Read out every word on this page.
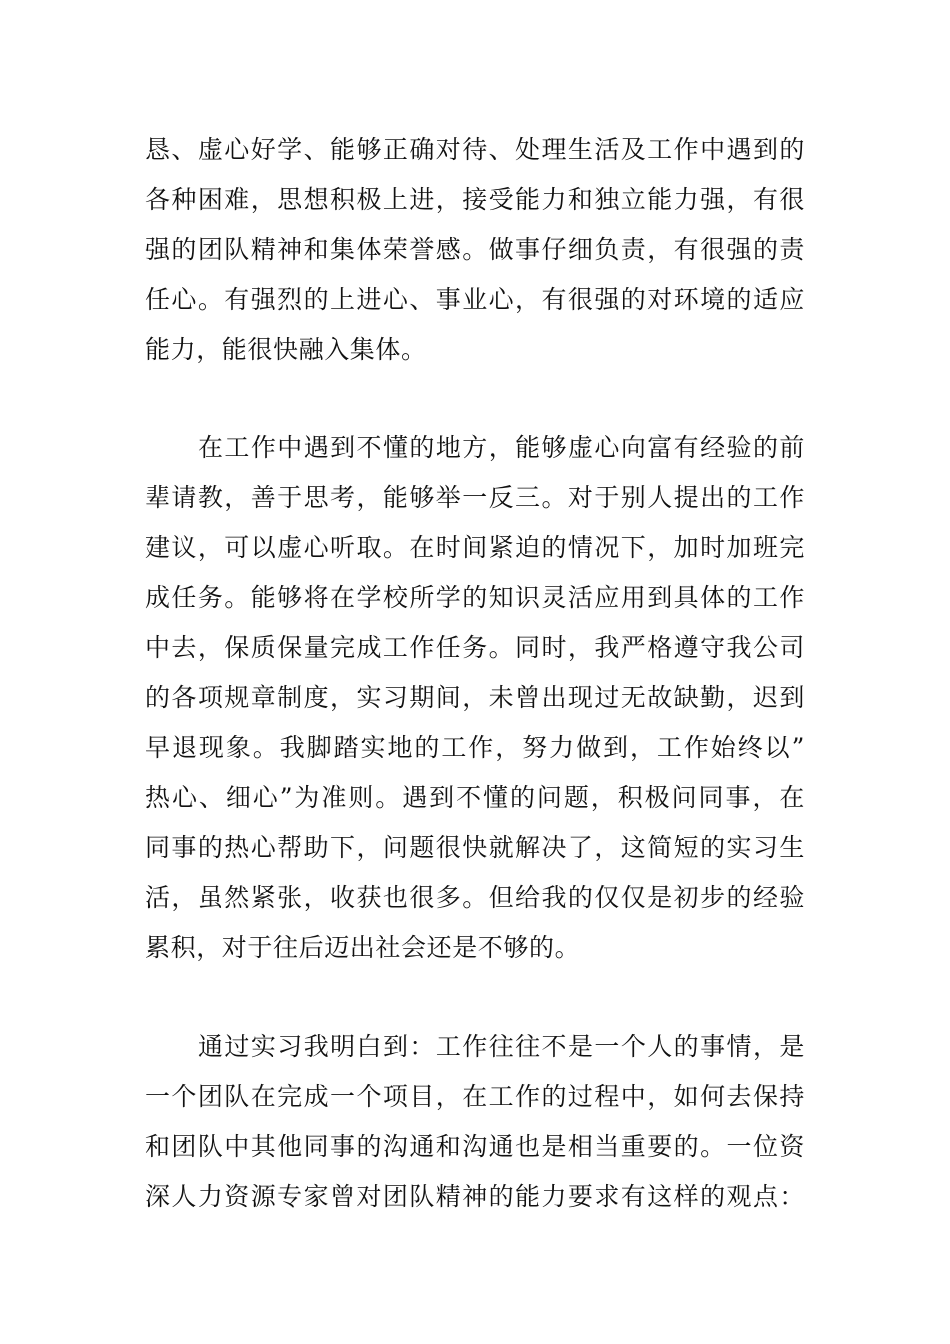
恳、虚心好学、能够正确对待、处理生活及工作中遇到的
各种困难，思想积极上进，接受能力和独立能力强，有很
强的团队精神和集体荣誉感。做事仔细负责，有很强的责
任心。有强烈的上进心、事业心，有很强的对环境的适应
能力，能很快融入集体。
在工作中遇到不懂的地方，能够虚心向富有经验的前
辈请教，善于思考，能够举一反三。对于别人提出的工作
建议，可以虚心听取。在时间紧迫的情况下，加时加班完
成任务。能够将在学校所学的知识灵活应用到具体的工作
中去，保质保量完成工作任务。同时，我严格遵守我公司
的各项规章制度，实习期间，未曾出现过无故缺勤，迟到
早退现象。我脚踏实地的工作，努力做到，工作始终以”
热心、细心”为准则。遇到不懂的问题，积极问同事，在
同事的热心帮助下，问题很快就解决了，这简短的实习生
活，虽然紧张，收获也很多。但给我的仅仅是初步的经验
累积，对于往后迈出社会还是不够的。
通过实习我明白到：工作往往不是一个人的事情，是
一个团队在完成一个项目，在工作的过程中，如何去保持
和团队中其他同事的沟通和沟通也是相当重要的。一位资
深人力资源专家曾对团队精神的能力要求有这样的观点：
